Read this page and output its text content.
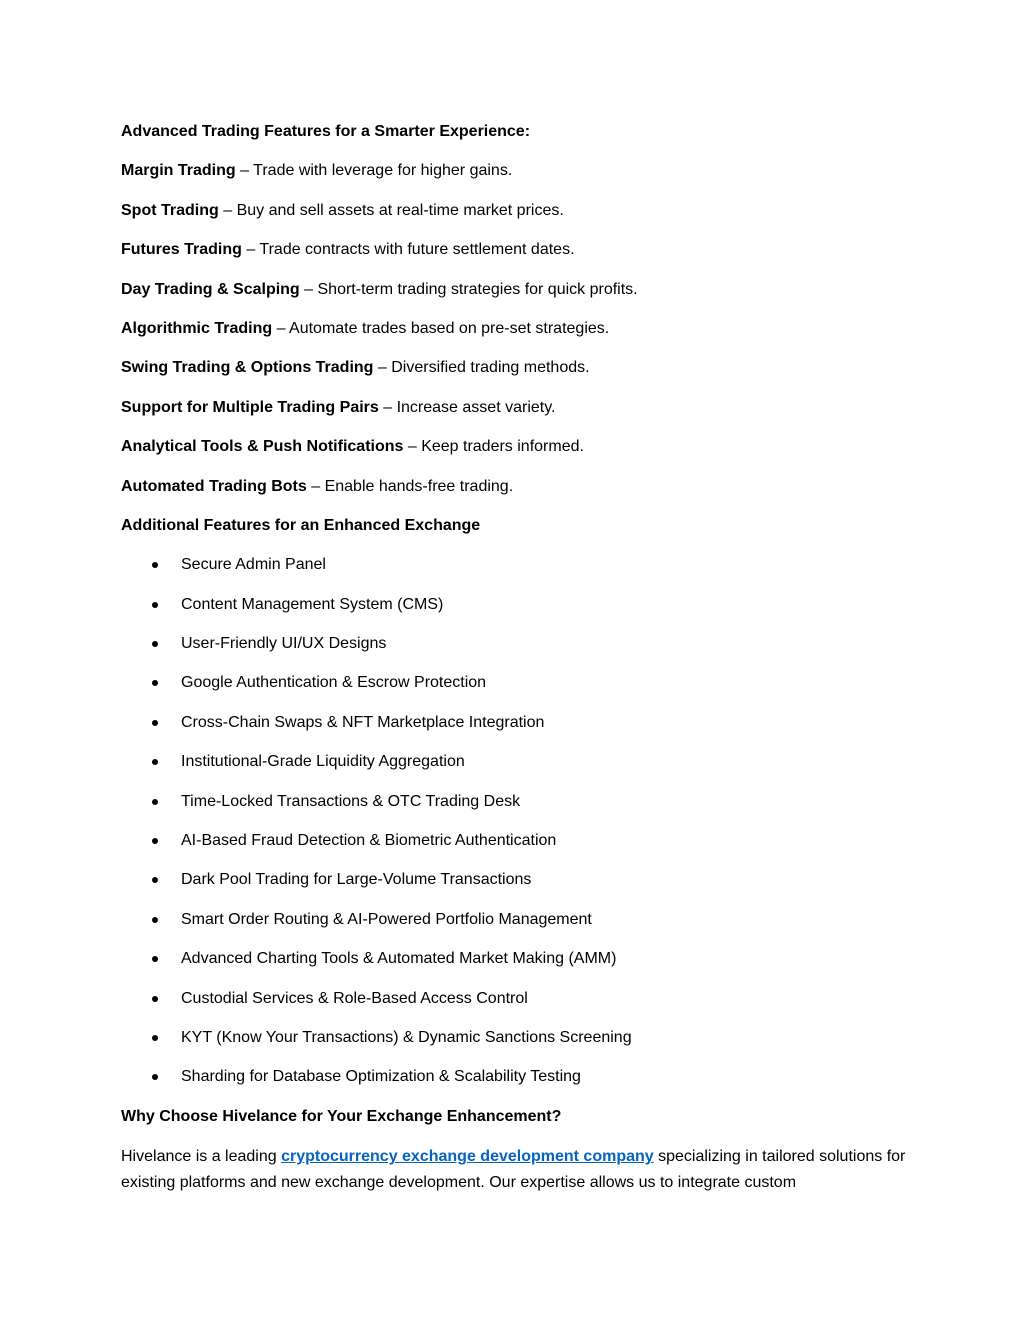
Advanced Trading Features for a Smarter Experience:

Margin Trading – Trade with leverage for higher gains.

Spot Trading – Buy and sell assets at real-time market prices.

Futures Trading – Trade contracts with future settlement dates.

Day Trading & Scalping – Short-term trading strategies for quick profits.

Algorithmic Trading – Automate trades based on pre-set strategies.

Swing Trading & Options Trading – Diversified trading methods.

Support for Multiple Trading Pairs – Increase asset variety.

Analytical Tools & Push Notifications – Keep traders informed.

Automated Trading Bots – Enable hands-free trading.

Additional Features for an Enhanced Exchange

Secure Admin Panel
Content Management System (CMS)
User-Friendly UI/UX Designs
Google Authentication & Escrow Protection
Cross-Chain Swaps & NFT Marketplace Integration
Institutional-Grade Liquidity Aggregation
Time-Locked Transactions & OTC Trading Desk
AI-Based Fraud Detection & Biometric Authentication
Dark Pool Trading for Large-Volume Transactions
Smart Order Routing & AI-Powered Portfolio Management
Advanced Charting Tools & Automated Market Making (AMM)
Custodial Services & Role-Based Access Control
KYT (Know Your Transactions) & Dynamic Sanctions Screening
Sharding for Database Optimization & Scalability Testing

Why Choose Hivelance for Your Exchange Enhancement?

Hivelance is a leading cryptocurrency exchange development company specializing in tailored solutions for existing platforms and new exchange development. Our expertise allows us to integrate custom
